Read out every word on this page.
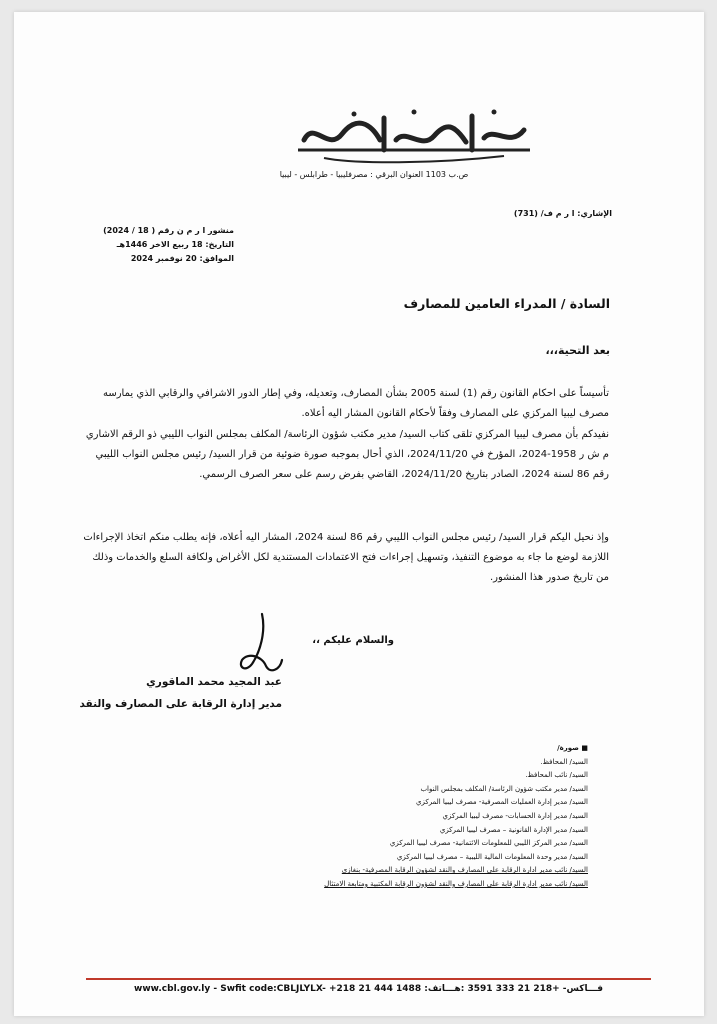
ص.ب 1103 العنوان البرقي : مصرفليبيا - طرابلس - ليبيا
الإشاري: ا ر م ف/ (731)
منشور ا ر م ن رقم ( 18 / 2024)
التاريخ: 18 ربيع الاخر 1446هـ
الموافق: 20 نوفمبر 2024
السادة / المدراء العامين للمصارف
بعد التحية،،،
تأسيساً على احكام القانون رقم (1) لسنة 2005 بشأن المصارف، وتعديله، وفي إطار الدور الاشرافي والرقابي الذي يمارسه مصرف ليبيا المركزي على المصارف وفقاً لأحكام القانون المشار اليه أعلاه.
نفيدكم بأن مصرف ليبيا المركزي تلقى كتاب السيد/ مدير مكتب شؤون الرئاسة/ المكلف بمجلس النواب الليبي ذو الرقم الاشاري م ش ر 1958-2024، المؤرخ في 2024/11/20، الذي أحال بموجبه صورة ضوئية من قرار السيد/ رئيس مجلس النواب الليبي رقم 86 لسنة 2024، الصادر بتاريخ 2024/11/20، القاضي بفرض رسم على سعر الصرف الرسمي.
وإذ نحيل اليكم قرار السيد/ رئيس مجلس النواب الليبي رقم 86 لسنة 2024، المشار اليه أعلاه، فإنه يطلب منكم اتخاذ الإجراءات اللازمة لوضع ما جاء به موضوع التنفيذ، وتسهيل إجراءات فتح الاعتمادات المستندية لكل الأغراض ولكافة السلع والخدمات وذلك من تاريخ صدور هذا المنشور.
والسلام عليكم ،،
عبد المجيد محمد الماقوري
مدير إدارة الرقابة على المصارف والنقد
■ صورة/
السيد/ المحافظ.
السيد/ نائب المحافظ.
السيد/ مدير مكتب شؤون الرئاسة/ المكلف بمجلس النواب
السيد/ مدير إدارة العمليات المصرفية- مصرف ليبيا المركزي
السيد/ مدير إدارة الحسابات- مصرف ليبيا المركزي
السيد/ مدير الإدارة القانونية – مصرف ليبيا المركزي
السيد/ مدير المركز الليبي للمعلومات الائتمانية- مصرف ليبيا المركزي
السيد/ مدير وحدة المعلومات المالية الليبية – مصرف ليبيا المركزي
السيد/ نائب مدير ادارة الرقابة على المصارف والنقد لشؤون الرقابة المصرفية- بنغازي
السيد/ نائب مدير ادارة الرقابة على المصارف والنقد لشؤون الرقابة المكتبية ومتابعة الامتثال
www.cbl.gov.ly - Swfit code:CBLJLYLX- +218 21 444 1488 :فـــاكس- +218 21 333 3591 :هـــاتف
